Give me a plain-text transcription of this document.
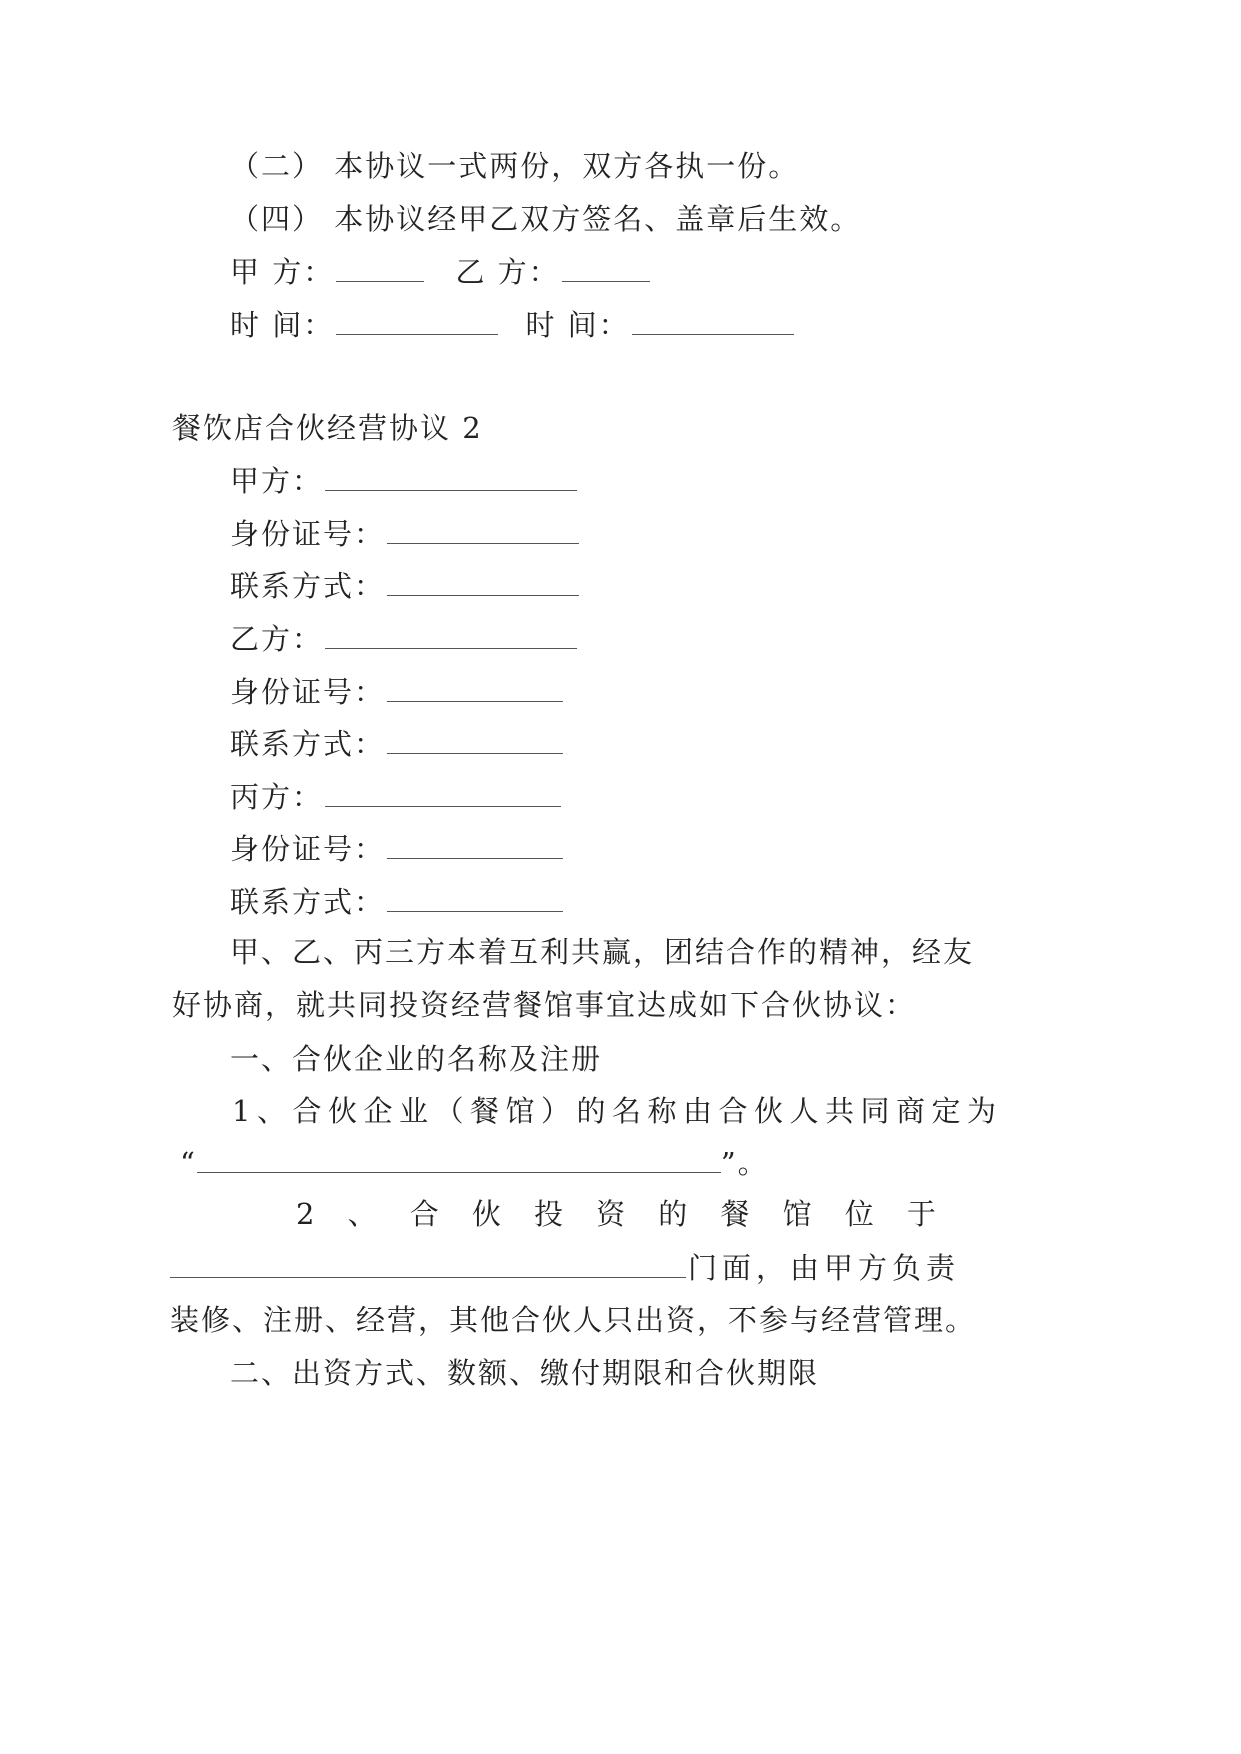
（二） 本协议一式两份，双方各执一份。
（四） 本协议经甲乙双方签名、盖章后生效。
甲 方：	乙 方：
时 间：	时 间：
餐饮店合伙经营协议 2
甲方：
身份证号：
联系方式：
乙方：
身份证号：
联系方式：
丙方：
身份证号：
联系方式：
甲、乙、丙三方本着互利共赢，团结合作的精神，经友
好协商，就共同投资经营餐馆事宜达成如下合伙协议：
一、合伙企业的名称及注册
1、合伙企业（餐馆）的名称由合伙人共同商定为
“	”。
2 、 合 伙 投 资 的 餐 馆 位 于
门面，由甲方负责
装修、注册、经营，其他合伙人只出资，不参与经营管理。
二、出资方式、数额、缴付期限和合伙期限
